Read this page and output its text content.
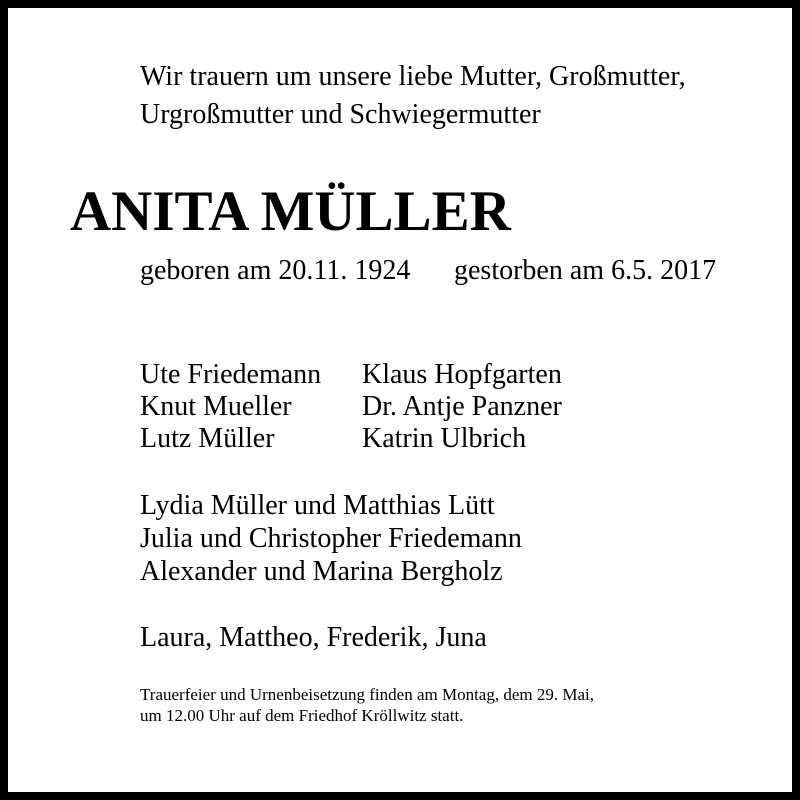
Wir trauern um unsere liebe Mutter, Großmutter,
Urgroßmutter und Schwiegermutter
ANITA MÜLLER
geboren am 20.11. 1924 gestorben am 6.5. 2017
Ute Friedemann
Knut Mueller
Lutz Müller
Klaus Hopfgarten
Dr. Antje Panzner
Katrin Ulbrich
Lydia Müller und Matthias Lütt
Julia und Christopher Friedemann
Alexander und Marina Bergholz
Laura, Mattheo, Frederik, Juna
Trauerfeier und Urnenbeisetzung finden am Montag, dem 29. Mai,
um 12.00 Uhr auf dem Friedhof Kröllwitz statt.
